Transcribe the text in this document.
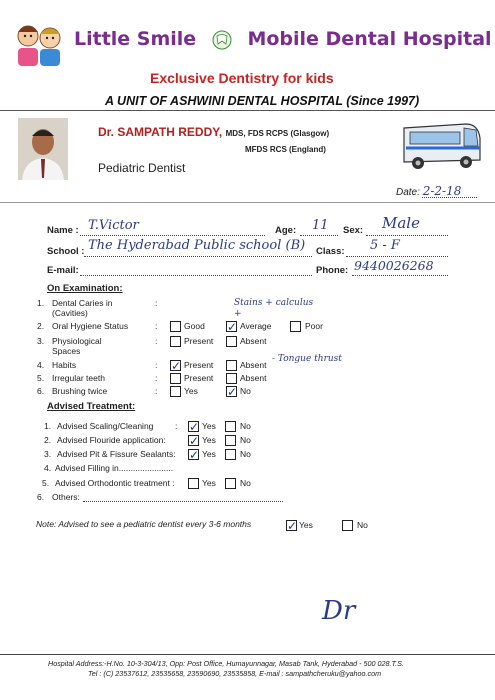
Little Smile	Mobile Dental Hospital
Exclusive Dentistry for kids
A UNIT OF ASHWINI DENTAL HOSPITAL (Since 1997)
Dr. SAMPATH REDDY, MDS, FDS RCPS (Glasgow)
MFDS RCS (England)
Pediatric Dentist
Date: 2-2-18
Name : T.Victor	Age: 11 Sex: Male
School : The Hyderabad Public school (B) Class: 5 - F
E-mail:	Phone: 9440026268
On Examination:
1. Dental Caries in
(Cavities)
:	Stains + calculus +
2. Oral Hygiene Status	:	Good ✓ Average	Poor
3. Physiological
Spaces
:	Present	Absent
4. Habits	: ✓ Present	Absent
- Tongue thrust
5. Irregular teeth	:	Present	Absent
6. Brushing twice	:	Yes ✓ No
Advised Treatment:
1. Advised Scaling/Cleaning	: ✓ Yes	No
2. Advised Flouride application: ✓ Yes	No
3. Advised Pit & Fissure Sealants: ✓ Yes	No
4. Advised Filling in.......................
5. Advised Orthodontic treatment :	Yes	No
6. Others:
Note: Advised to see a pediatric dentist every 3-6 months	✓ Yes	No
Dr
Hospital Address:-H.No. 10-3-304/13, Opp: Post Office, Humayunnagar, Masab Tank, Hyderabad - 500 028.T.S.
Tel : (C) 23537612, 23535658, 23590690, 23535858, E-mail : sampathcheruku@yahoo.com
